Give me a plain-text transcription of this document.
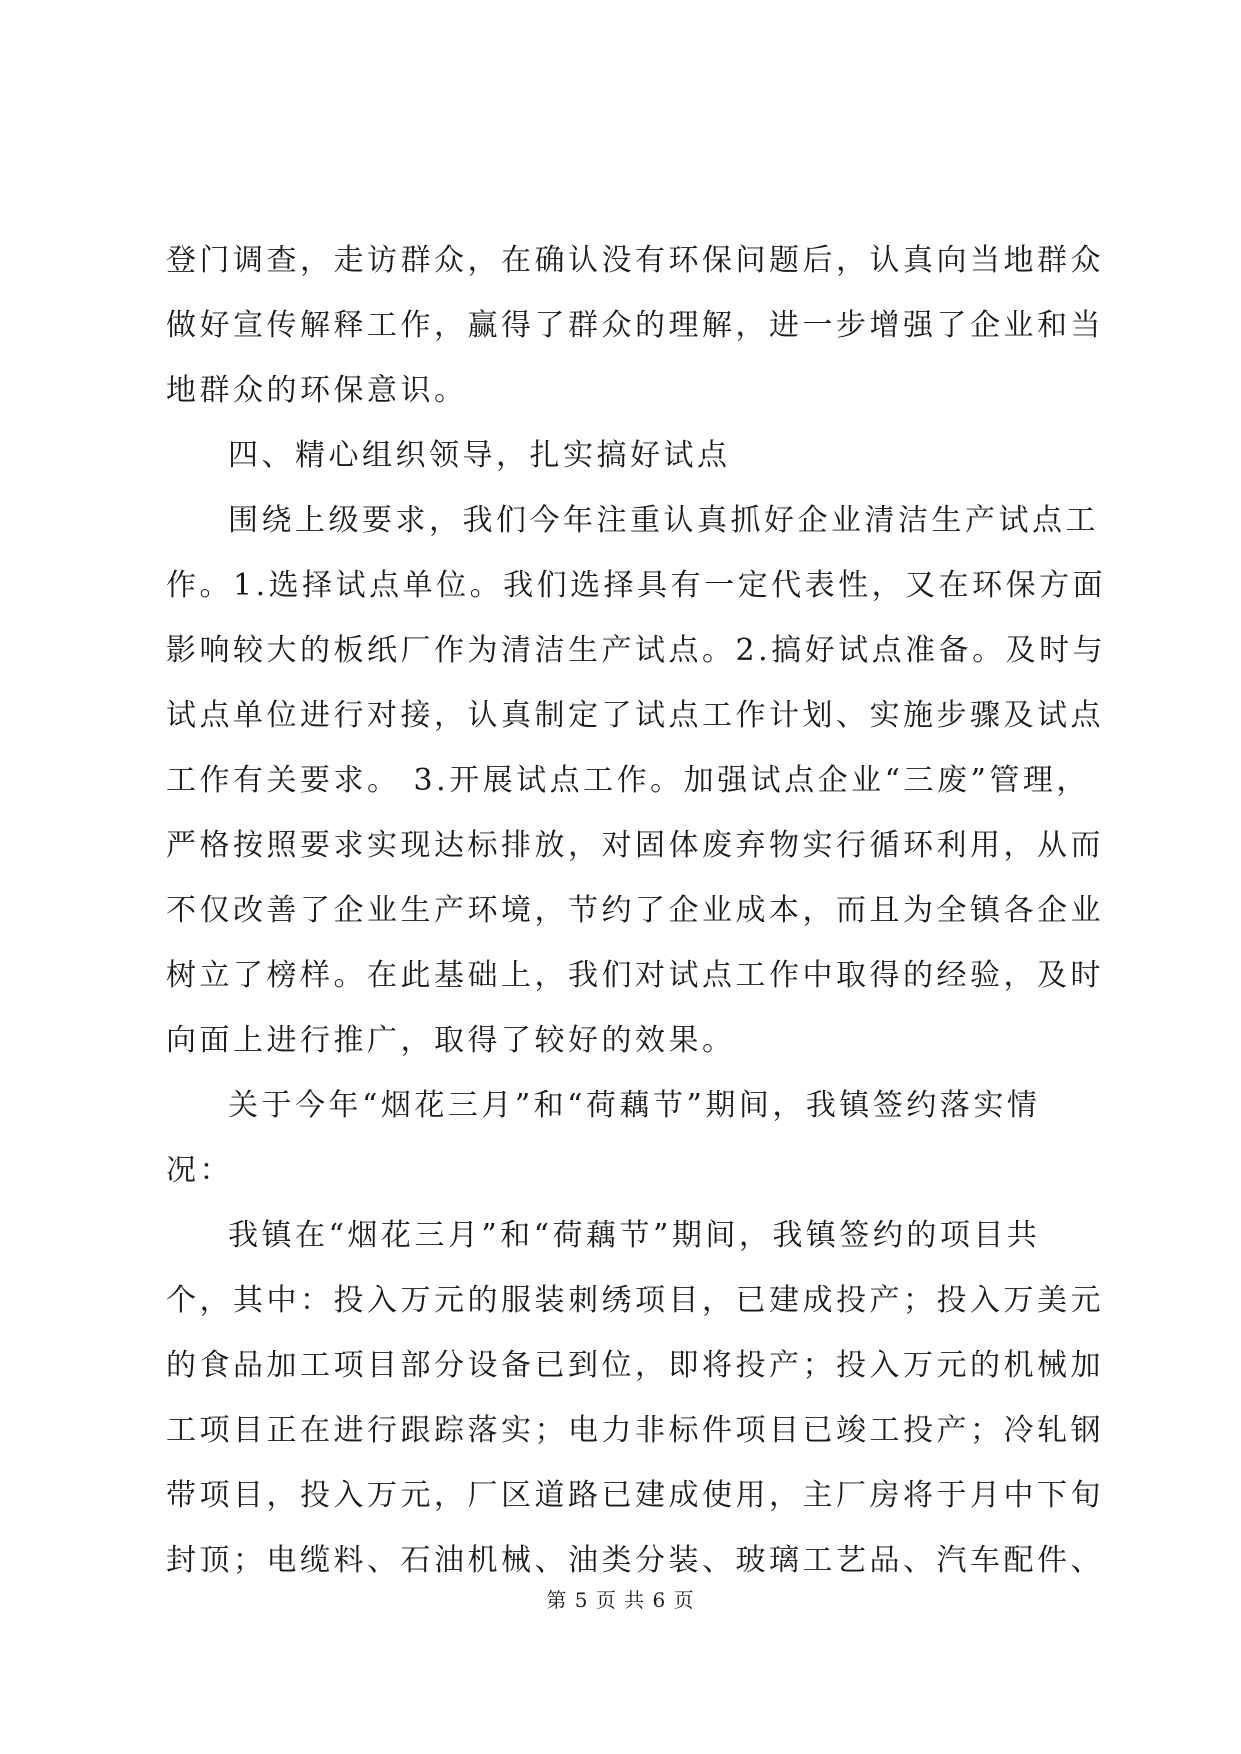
登门调查，走访群众，在确认没有环保问题后，认真向当地群众
做好宣传解释工作，赢得了群众的理解，进一步增强了企业和当
地群众的环保意识。
四、精心组织领导，扎实搞好试点
围绕上级要求，我们今年注重认真抓好企业清洁生产试点工
作。1.选择试点单位。我们选择具有一定代表性，又在环保方面
影响较大的板纸厂作为清洁生产试点。2.搞好试点准备。及时与
试点单位进行对接，认真制定了试点工作计划、实施步骤及试点
工作有关要求。 3.开展试点工作。加强试点企业“三废”管理，
严格按照要求实现达标排放，对固体废弃物实行循环利用，从而
不仅改善了企业生产环境，节约了企业成本，而且为全镇各企业
树立了榜样。在此基础上，我们对试点工作中取得的经验，及时
向面上进行推广，取得了较好的效果。
关于今年“烟花三月”和“荷藕节”期间，我镇签约落实情
况：
我镇在“烟花三月”和“荷藕节”期间，我镇签约的项目共
个，其中：投入万元的服装刺绣项目，已建成投产；投入万美元
的食品加工项目部分设备已到位，即将投产；投入万元的机械加
工项目正在进行跟踪落实；电力非标件项目已竣工投产；冷轧钢
带项目，投入万元，厂区道路已建成使用，主厂房将于月中下旬
封顶；电缆料、石油机械、油类分装、玻璃工艺品、汽车配件、
第 5 页 共 6 页
